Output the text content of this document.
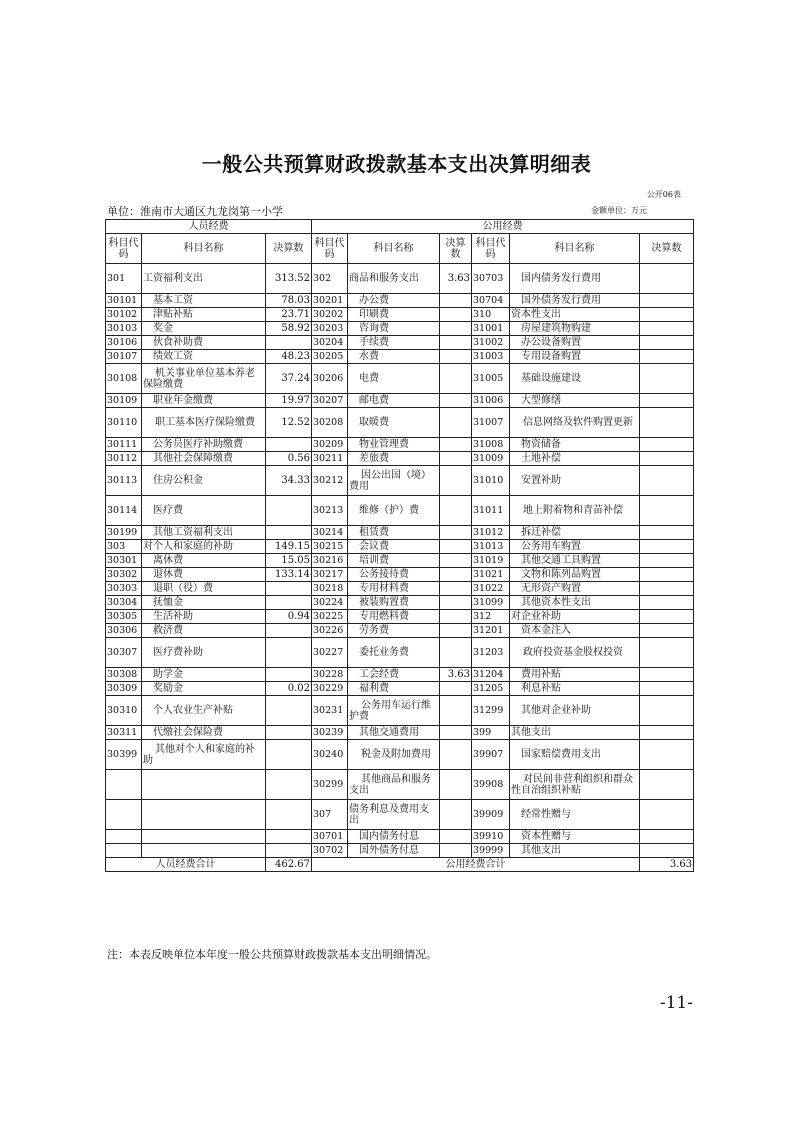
一般公共预算财政拨款基本支出决算明细表
公开06表
单位：淮南市大通区九龙岗第一小学	金额单位：万元
人员经费			公用经费					
科目代码	科目名称	决算数	科目代码	科目名称	决算数	科目代码	科目名称	决算数
301	工资福利支出	313.52	302	商品和服务支出	3.63	30703	国内债务发行费用	
30101	基本工资	78.03	30201	办公费		30704	国外债务发行费用	
30102	津贴补贴	23.71	30202	印刷费		310	资本性支出	
30103	奖金	58.92	30203	咨询费		31001	房屋建筑物购建	
30106	伙食补助费		30204	手续费		31002	办公设备购置	
30107	绩效工资	48.23	30205	水费		31003	专用设备购置	
30108	机关事业单位基本养老保险缴费	37.24	30206	电费		31005	基础设施建设	
30109	职业年金缴费	19.97	30207	邮电费		31006	大型修缮	
30110	职工基本医疗保险缴费	12.52	30208	取暖费		31007	信息网络及软件购置更新	
30111	公务员医疗补助缴费		30209	物业管理费		31008	物资储备	
30112	其他社会保障缴费	0.56	30211	差旅费		31009	土地补偿	
30113	住房公积金	34.33	30212	因公出国（境）费用		31010	安置补助	
30114	医疗费		30213	维修（护）费		31011	地上附着物和青苗补偿	
30199	其他工资福利支出		30214	租赁费		31012	拆迁补偿	
303	对个人和家庭的补助	149.15	30215	会议费		31013	公务用车购置	
30301	离休费	15.05	30216	培训费		31019	其他交通工具购置	
30302	退休费	133.14	30217	公务接待费		31021	文物和陈列品购置	
30303	退职（役）费		30218	专用材料费		31022	无形资产购置	
30304	抚恤金		30224	被装购置费		31099	其他资本性支出	
30305	生活补助	0.94	30225	专用燃料费		312	对企业补助	
30306	救济费		30226	劳务费		31201	资本金注入	
30307	医疗费补助		30227	委托业务费		31203	政府投资基金股权投资	
30308	助学金		30228	工会经费	3.63	31204	费用补贴	
30309	奖励金	0.02	30229	福利费		31205	利息补贴	
30310	个人农业生产补贴		30231	公务用车运行维护费		31299	其他对企业补助	
30311	代缴社会保险费		30239	其他交通费用		399	其他支出	
30399	其他对个人和家庭的补助		30240	税金及附加费用		39907	国家赔偿费用支出	
			30299	其他商品和服务支出		39908	对民间非营利组织和群众性自治组织补贴	
			307	债务利息及费用支出		39909	经常性赠与	
			30701	国内债务付息		39910	资本性赠与	
			30702	国外债务付息		39999	其他支出	
人员经费合计		462.67	公用经费合计					3.63
注：本表反映单位本年度一般公共预算财政拨款基本支出明细情况。
-11-
